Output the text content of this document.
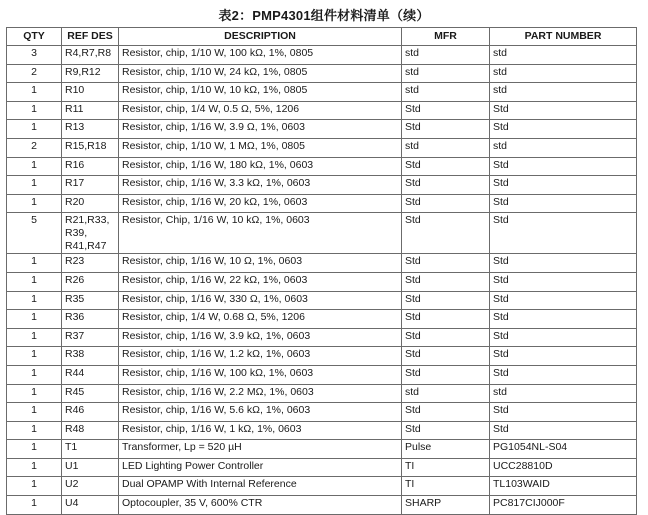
表2：PMP4301组件材料清单（续）
QTY	REF DES	DESCRIPTION	MFR	PART NUMBER
3	R4,R7,R8	Resistor, chip, 1/10 W, 100 kΩ, 1%, 0805	std	std
2	R9,R12	Resistor, chip, 1/10 W, 24 kΩ, 1%, 0805	std	std
1	R10	Resistor, chip, 1/10 W, 10 kΩ, 1%, 0805	std	std
1	R11	Resistor, chip, 1/4 W, 0.5 Ω, 5%, 1206	Std	Std
1	R13	Resistor, chip, 1/16 W, 3.9 Ω, 1%, 0603	Std	Std
2	R15,R18	Resistor, chip, 1/10 W, 1 MΩ, 1%, 0805	std	std
1	R16	Resistor, chip, 1/16 W, 180 kΩ, 1%, 0603	Std	Std
1	R17	Resistor, chip, 1/16 W, 3.3 kΩ, 1%, 0603	Std	Std
1	R20	Resistor, chip, 1/16 W, 20 kΩ, 1%, 0603	Std	Std
5	R21,R33,
R39,
R41,R47	Resistor, Chip, 1/16 W, 10 kΩ, 1%, 0603	Std	Std
1	R23	Resistor, chip, 1/16 W, 10 Ω, 1%, 0603	Std	Std
1	R26	Resistor, chip, 1/16 W, 22 kΩ, 1%, 0603	Std	Std
1	R35	Resistor, chip, 1/16 W, 330 Ω, 1%, 0603	Std	Std
1	R36	Resistor, chip, 1/4 W, 0.68 Ω, 5%, 1206	Std	Std
1	R37	Resistor, chip, 1/16 W, 3.9 kΩ, 1%, 0603	Std	Std
1	R38	Resistor, chip, 1/16 W, 1.2 kΩ, 1%, 0603	Std	Std
1	R44	Resistor, chip, 1/16 W, 100 kΩ, 1%, 0603	Std	Std
1	R45	Resistor, chip, 1/16 W, 2.2 MΩ, 1%, 0603	std	std
1	R46	Resistor, chip, 1/16 W, 5.6 kΩ, 1%, 0603	Std	Std
1	R48	Resistor, chip, 1/16 W, 1 kΩ, 1%, 0603	Std	Std
1	T1	Transformer, Lp = 520 µH	Pulse	PG1054NL-S04
1	U1	LED Lighting Power Controller	TI	UCC28810D
1	U2	Dual OPAMP With Internal Reference	TI	TL103WAID
1	U4	Optocoupler, 35 V, 600% CTR	SHARP	PC817CIJ000F
